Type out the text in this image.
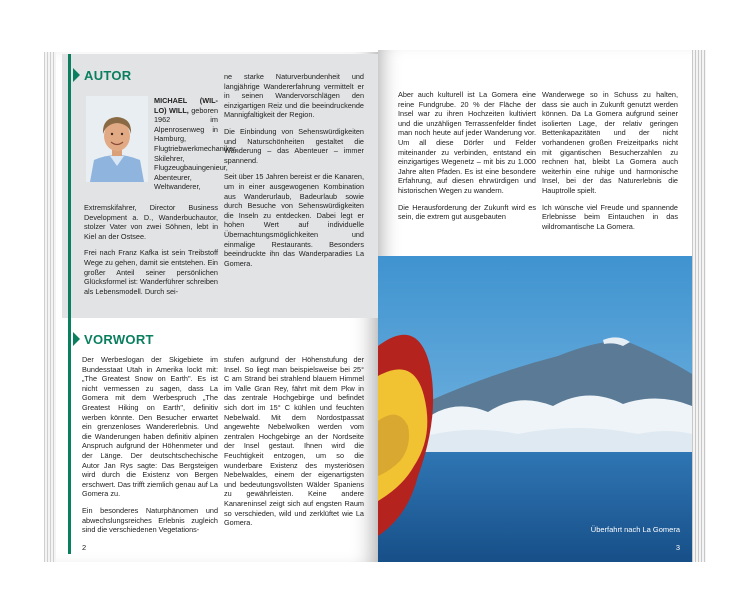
AUTOR
MICHAEL (WIL-LO) WILL, geboren 1962 im Alpenrosenweg in Hamburg, Flugtriebwerkmechaniker, Skilehrer, Flugzeugbauingenieur, Abenteurer, Weltwanderer,

Extremskifahrer, Director Business Development a. D., Wanderbuchautor, stolzer Vater von zwei Söhnen, lebt in Kiel an der Ostsee.

Frei nach Franz Kafka ist sein Treibstoff Wege zu gehen, damit sie entstehen. Ein großer Anteil seiner persönlichen Glücksformel ist: Wanderführer schreiben als Lebensmodell. Durch sei-

ne starke Naturverbundenheit und langjährige Wandererfahrung vermittelt er in seinen Wandervorschlägen den einzigartigen Reiz und die beeindruckende Mannigfaltigkeit der Region.

Die Einbindung von Sehenswürdigkeiten und Naturschönheiten gestaltet die Wanderung – das Abenteuer – immer spannend.

Seit über 15 Jahren bereist er die Kanaren, um in einer ausgewogenen Kombination aus Wanderurlaub, Badeurlaub sowie durch Besuche von Sehenswürdigkeiten die Inseln zu entdecken. Dabei legt er hohen Wert auf individuelle Übernachtungsmöglichkeiten und einmalige Restaurants. Besonders beeindruckte ihn das Wanderparadies La Gomera.

VORWORT

Der Werbeslogan der Skigebiete im Bundesstaat Utah in Amerika lockt mit: „The Greatest Snow on Earth". Es ist nicht vermessen zu sagen, dass La Gomera mit dem Werbespruch „The Greatest Hiking on Earth", definitiv werben könnte. Den Besucher erwartet ein grenzenloses Wandererlebnis. Und die Wanderungen haben definitiv alpinen Anspruch aufgrund der Höhenmeter und der Länge. Der deutschtschechische Autor Jan Rys sagte: Das Bergsteigen wird durch die Existenz von Bergen erschwert. Das trifft ziemlich genau auf La Gomera zu.

Ein besonderes Naturphänomen und abwechslungsreiches Erlebnis zugleich sind die verschiedenen Vegetations-

stufen aufgrund der Höhenstufung der Insel. So liegt man beispielsweise bei 25° C am Strand bei strahlend blauem Himmel im Valle Gran Rey, fährt mit dem Pkw in das zentrale Hochgebirge und befindet sich dort im 15° C kühlen und feuchten Nebelwald. Mit dem Nordostpassat angewehte Nebelwolken werden vom zentralen Hochgebirge an der Nordseite der Insel gestaut. Ihnen wird die Feuchtigkeit entzogen, um so die wunderbare Existenz des mysteriösen Nebelwaldes, einem der eigenartigsten und bedeutungsvollsten Wälder Spaniens zu gewährleisten. Keine andere Kanareninsel zeigt sich auf engsten Raum so verschieden, wild und zerklüftet wie La Gomera.

2

Aber auch kulturell ist La Gomera eine reine Fundgrube. 20 % der Fläche der Insel war zu ihren Hochzeiten kultiviert und die unzähligen Terrassenfelder findet man noch heute auf jeder Wanderung vor. Um all diese Dörfer und Felder miteinander zu verbinden, entstand ein einzigartiges Wegenetz – mit bis zu 1.000 Jahre alten Pfaden. Es ist eine besondere Erfahrung, auf diesen ehrwürdigen und historischen Wegen zu wandern.

Die Herausforderung der Zukunft wird es sein, die extrem gut ausgebauten

Wanderwege so in Schuss zu halten, dass sie auch in Zukunft genutzt werden können. Da La Gomera aufgrund seiner isolierten Lage, der relativ geringen Bettenkapazitäten und der nicht vorhandenen großen Freizeitparks nicht mit gigantischen Besucherzahlen zu rechnen hat, bleibt La Gomera auch weiterhin eine ruhige und harmonische Insel, bei der das Naturerlebnis die Hauptrolle spielt.

Ich wünsche viel Freude und spannende Erlebnisse beim Eintauchen in das wildromantische La Gomera.

Überfahrt nach La Gomera
3
